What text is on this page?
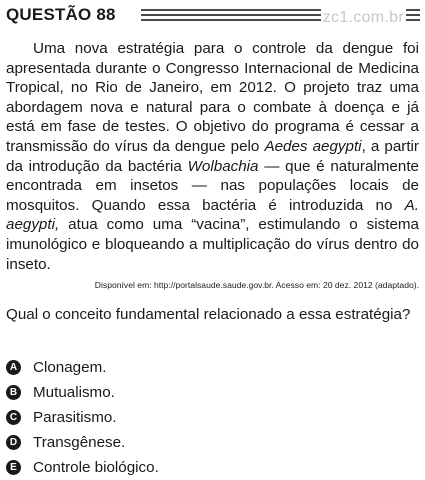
QUESTÃO 88	zc1.com.br

Uma nova estratégia para o controle da dengue foi apresentada durante o Congresso Internacional de Medicina Tropical, no Rio de Janeiro, em 2012. O projeto traz uma abordagem nova e natural para o combate à doença e já está em fase de testes. O objetivo do programa é cessar a transmissão do vírus da dengue pelo Aedes aegypti, a partir da introdução da bactéria Wolbachia — que é naturalmente encontrada em insetos — nas populações locais de mosquitos. Quando essa bactéria é introduzida no A. aegypti, atua como uma “vacina”, estimulando o sistema imunológico e bloqueando a multiplicação do vírus dentro do inseto.

Disponível em: http://portalsaude.saude.gov.br. Acesso em: 20 dez. 2012 (adaptado).

Qual o conceito fundamental relacionado a essa estratégia?

A Clonagem.
B Mutualismo.
C Parasitismo.
D Transgênese.
E Controle biológico.
